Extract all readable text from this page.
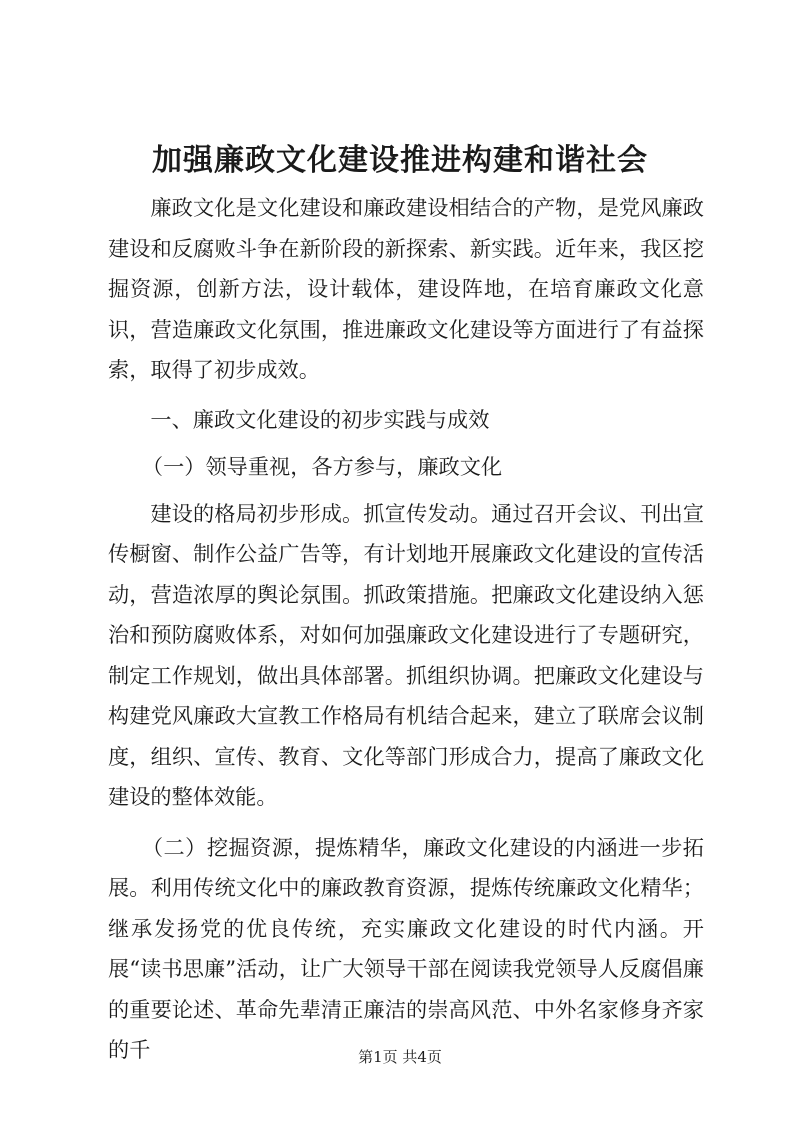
加强廉政文化建设推进构建和谐社会

廉政文化是文化建设和廉政建设相结合的产物，是党风廉政建设和反腐败斗争在新阶段的新探索、新实践。近年来，我区挖掘资源，创新方法，设计载体，建设阵地，在培育廉政文化意识，营造廉政文化氛围，推进廉政文化建设等方面进行了有益探索，取得了初步成效。

一、廉政文化建设的初步实践与成效

（一）领导重视，各方参与，廉政文化

建设的格局初步形成。抓宣传发动。通过召开会议、刊出宣传橱窗、制作公益广告等，有计划地开展廉政文化建设的宣传活动，营造浓厚的舆论氛围。抓政策措施。把廉政文化建设纳入惩治和预防腐败体系，对如何加强廉政文化建设进行了专题研究，制定工作规划，做出具体部署。抓组织协调。把廉政文化建设与构建党风廉政大宣教工作格局有机结合起来，建立了联席会议制度，组织、宣传、教育、文化等部门形成合力，提高了廉政文化建设的整体效能。

（二）挖掘资源，提炼精华，廉政文化建设的内涵进一步拓展。利用传统文化中的廉政教育资源，提炼传统廉政文化精华；继承发扬党的优良传统，充实廉政文化建设的时代内涵。开展“读书思廉”活动，让广大领导干部在阅读我党领导人反腐倡廉的重要论述、革命先辈清正廉洁的崇高风范、中外名家修身齐家的千	第1页 共4页
